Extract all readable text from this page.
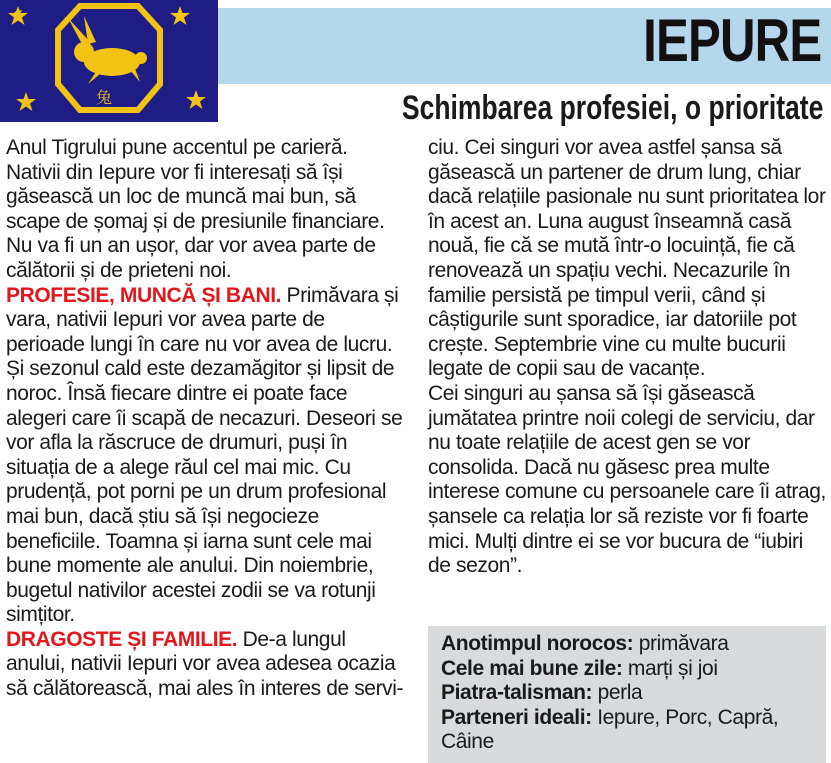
兔
IEPURE
Schimbarea profesiei, o prioritate

Anul Tigrului pune accentul pe carieră. Nativii din Iepure vor fi interesați să își găsească un loc de muncă mai bun, să scape de șomaj și de presiunile financiare. Nu va fi un an ușor, dar vor avea parte de călătorii și de prieteni noi.

PROFESIE, MUNCĂ ȘI BANI. Primăvara și vara, nativii Iepuri vor avea parte de perioade lungi în care nu vor avea de lucru. Și sezonul cald este dezamăgitor și lipsit de noroc. Însă fiecare dintre ei poate face alegeri care îi scapă de necazuri. Deseori se vor afla la răscruce de drumuri, puși în situația de a alege răul cel mai mic. Cu prudență, pot porni pe un drum profesional mai bun, dacă știu să își negocieze beneficiile. Toamna și iarna sunt cele mai bune momente ale anului. Din noiembrie, bugetul nativilor acestei zodii se va rotunji simțitor.

DRAGOSTE ȘI FAMILIE. De-a lungul anului, nativii Iepuri vor avea adesea ocazia să călătorească, mai ales în interes de servi-

ciu. Cei singuri vor avea astfel șansa să găsească un partener de drum lung, chiar dacă relațiile pasionale nu sunt prioritatea lor în acest an. Luna august înseamnă casă nouă, fie că se mută într-o locuință, fie că renovează un spațiu vechi. Necazurile în familie persistă pe timpul verii, când și câștigurile sunt sporadice, iar datoriile pot crește. Septembrie vine cu multe bucurii legate de copii sau de vacanțe.

Cei singuri au șansa să își găsească jumătatea printre noii colegi de serviciu, dar nu toate relațiile de acest gen se vor consolida. Dacă nu găsesc prea multe interese comune cu persoanele care îi atrag, șansele ca relația lor să reziste vor fi foarte mici. Mulți dintre ei se vor bucura de “iubiri de sezon”.

Anotimpul norocos: primăvara

Cele mai bune zile: marți și joi

Piatra-talisman: perla

Parteneri ideali: Iepure, Porc, Capră, Câine
